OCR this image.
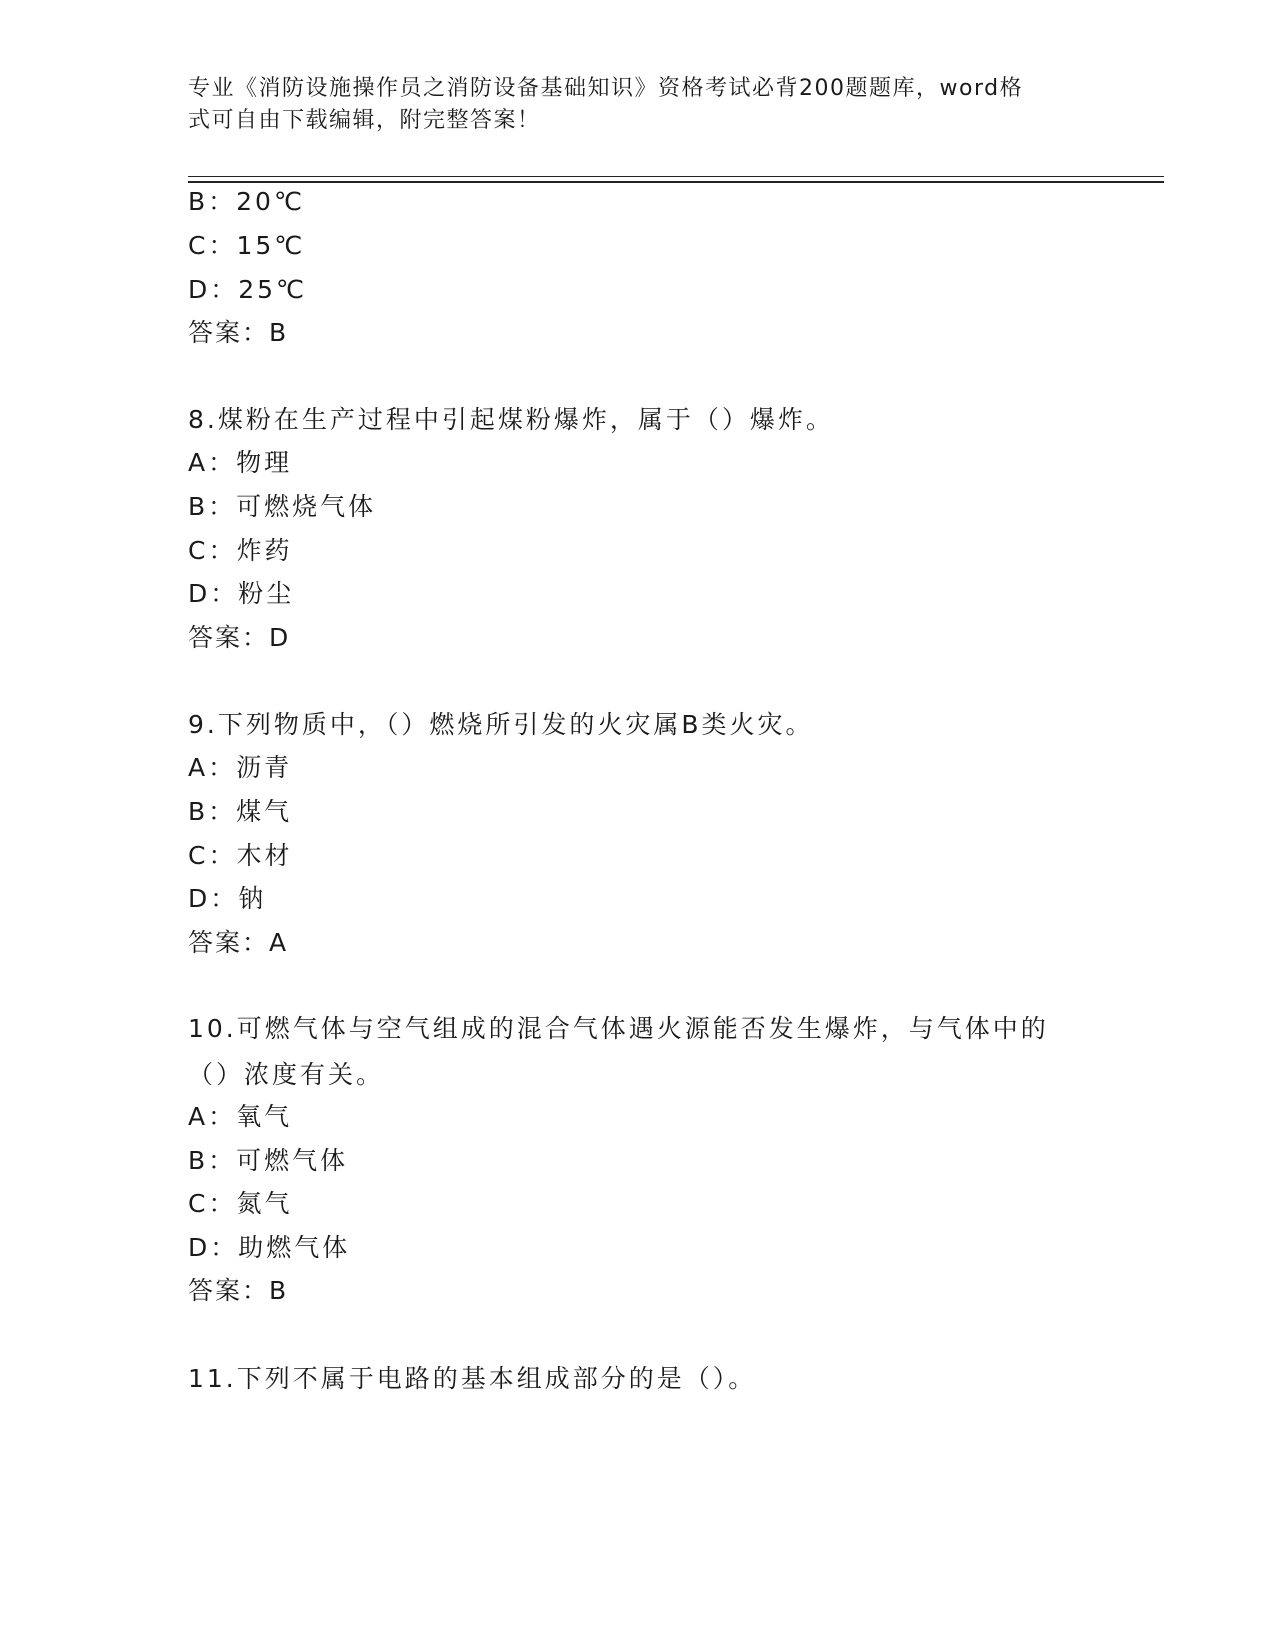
专业《消防设施操作员之消防设备基础知识》资格考试必背200题题库，word格
式可自由下载编辑，附完整答案！
B：20℃
C：15℃
D：25℃
答案：B
8.煤粉在生产过程中引起煤粉爆炸，属于（）爆炸。
A：物理
B：可燃烧气体
C：炸药
D：粉尘
答案：D
9.下列物质中，（）燃烧所引发的火灾属B类火灾。
A：沥青
B：煤气
C：木材
D：钠
答案：A
10.可燃气体与空气组成的混合气体遇火源能否发生爆炸，与气体中的（）浓度有关。
A：氧气
B：可燃气体
C：氮气
D：助燃气体
答案：B
11.下列不属于电路的基本组成部分的是（）。
